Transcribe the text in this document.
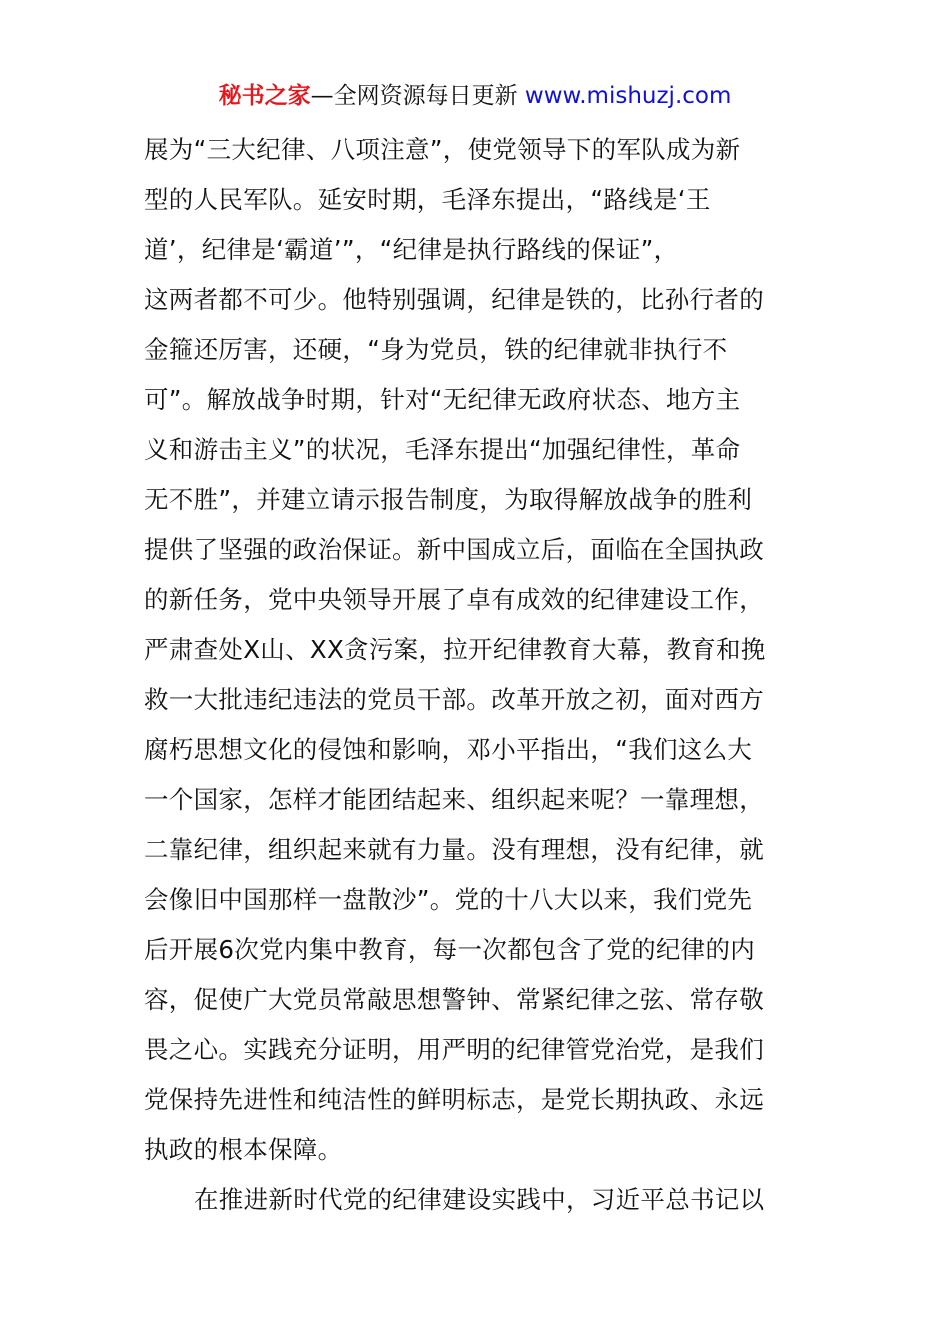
秘书之家—全网资源每日更新 www.mishuzj.com

展为“三大纪律、八项注意”，使党领导下的军队成为新
型的人民军队。延安时期，毛泽东提出，“路线是‘王
道’，纪律是‘霸道’”，“纪律是执行路线的保证”，
这两者都不可少。他特别强调，纪律是铁的，比孙行者的
金箍还厉害，还硬，“身为党员，铁的纪律就非执行不
可”。解放战争时期，针对“无纪律无政府状态、地方主
义和游击主义”的状况，毛泽东提出“加强纪律性，革命
无不胜”，并建立请示报告制度，为取得解放战争的胜利
提供了坚强的政治保证。新中国成立后，面临在全国执政
的新任务，党中央领导开展了卓有成效的纪律建设工作，
严肃查处X山、XX贪污案，拉开纪律教育大幕，教育和挽
救一大批违纪违法的党员干部。改革开放之初，面对西方
腐朽思想文化的侵蚀和影响，邓小平指出，“我们这么大
一个国家，怎样才能团结起来、组织起来呢？一靠理想，
二靠纪律，组织起来就有力量。没有理想，没有纪律，就
会像旧中国那样一盘散沙”。党的十八大以来，我们党先
后开展6次党内集中教育，每一次都包含了党的纪律的内
容，促使广大党员常敲思想警钟、常紧纪律之弦、常存敬
畏之心。实践充分证明，用严明的纪律管党治党，是我们
党保持先进性和纯洁性的鲜明标志，是党长期执政、永远
执政的根本保障。

在推进新时代党的纪律建设实践中，习近平总书记以
